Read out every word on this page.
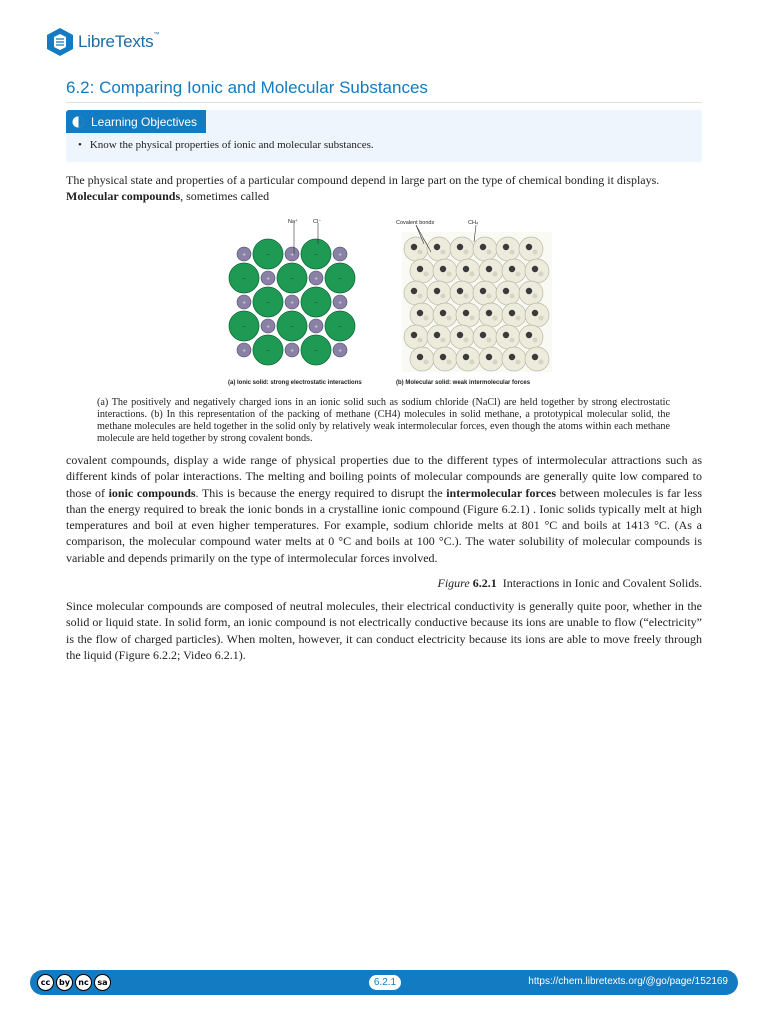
LibreTexts™
6.2: Comparing Ionic and Molecular Substances
Learning Objectives
• Know the physical properties of ionic and molecular substances.

The physical state and properties of a particular compound depend in large part on the type of chemical bonding it displays.
Molecular compounds, sometimes called

−	−
−	−	−
−	−
−	−	−
−	−
+	+	+
+	+
+	+	+
+	+
+	+	+
Na⁺	Cl⁻	Covalent bonds	CH₄
(a) Ionic solid: strong electrostatic interactions	(b) Molecular solid: weak intermolecular forces

(a) The positively and negatively charged ions in an ionic solid such as sodium chloride (NaCl) are held together by strong electrostatic interactions. (b) In this representation of the packing of methane (CH4) molecules in solid methane, a prototypical molecular solid, the methane molecules are held together in the solid only by relatively weak intermolecular forces, even though the atoms within each methane molecule are held together by strong covalent bonds.

covalent compounds, display a wide range of physical properties due to the different types of intermolecular attractions such as different kinds of polar interactions. The melting and boiling points of molecular compounds are generally quite low compared to those of ionic compounds. This is because the energy required to disrupt the intermolecular forces between molecules is far less than the energy required to break the ionic bonds in a crystalline ionic compound (Figure 6.2.1) . Ionic solids typically melt at high temperatures and boil at even higher temperatures. For example, sodium chloride melts at 801 °C and boils at 1413 °C. (As a comparison, the molecular compound water melts at 0 °C and boils at 100 °C.). The water solubility of molecular compounds is variable and depends primarily on the type of intermolecular forces involved.

Figure 6.2.1 Interactions in Ionic and Covalent Solids.

Since molecular compounds are composed of neutral molecules, their electrical conductivity is generally quite poor, whether in the solid or liquid state. In solid form, an ionic compound is not electrically conductive because its ions are unable to flow (“electricity” is the flow of charged particles). When molten, however, it can conduct electricity because its ions are able to move freely through the liquid (Figure 6.2.2; Video 6.2.1).

cc	by	nc	sa	6.2.1	https://chem.libretexts.org/@go/page/152169
